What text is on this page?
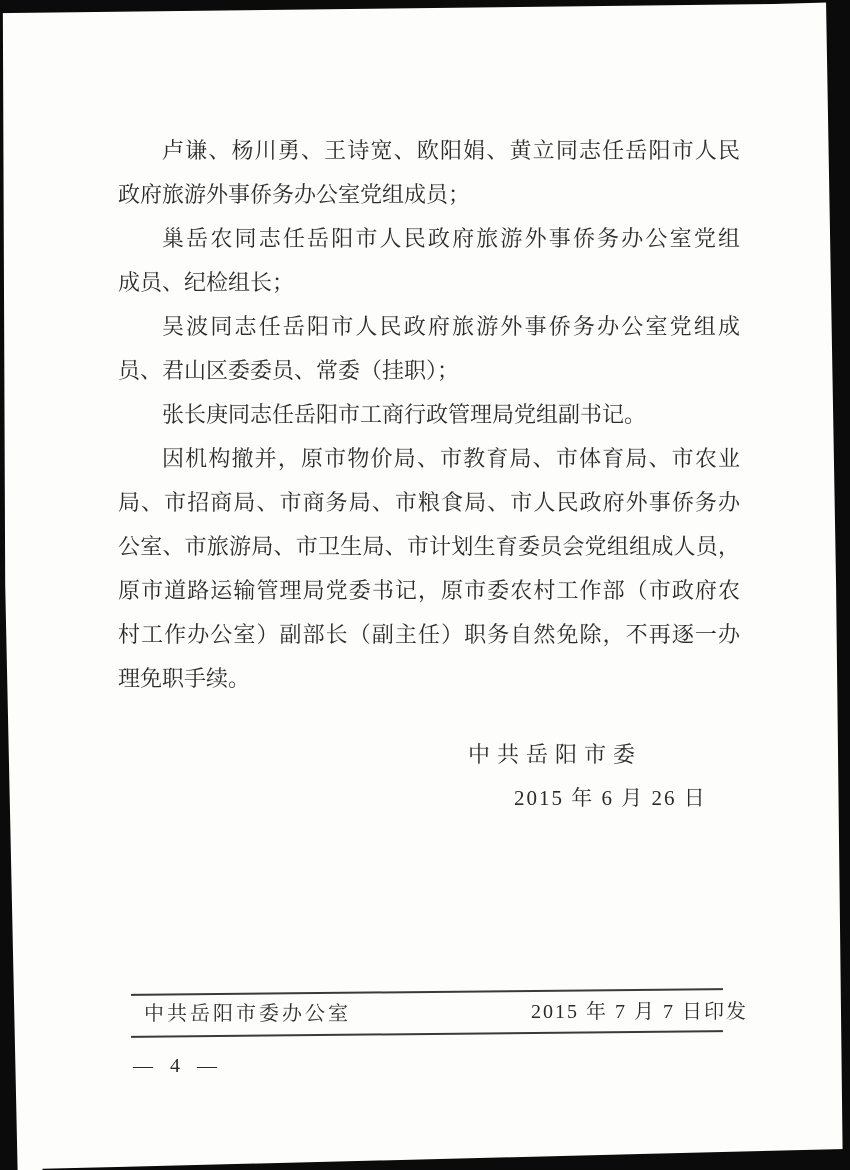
卢谦、杨川勇、王诗宽、欧阳娟、黄立同志任岳阳市人民
政府旅游外事侨务办公室党组成员；
巢岳农同志任岳阳市人民政府旅游外事侨务办公室党组
成员、纪检组长；
吴波同志任岳阳市人民政府旅游外事侨务办公室党组成
员、君山区委委员、常委（挂职）；
张长庚同志任岳阳市工商行政管理局党组副书记。
因机构撤并，原市物价局、市教育局、市体育局、市农业
局、市招商局、市商务局、市粮食局、市人民政府外事侨务办
公室、市旅游局、市卫生局、市计划生育委员会党组组成人员，
原市道路运输管理局党委书记，原市委农村工作部（市政府农
村工作办公室）副部长（副主任）职务自然免除，不再逐一办
理免职手续。
中共岳阳市委
2015 年 6 月 26 日
中共岳阳市委办公室	2015 年 7 月 7 日印发
— 4 —
